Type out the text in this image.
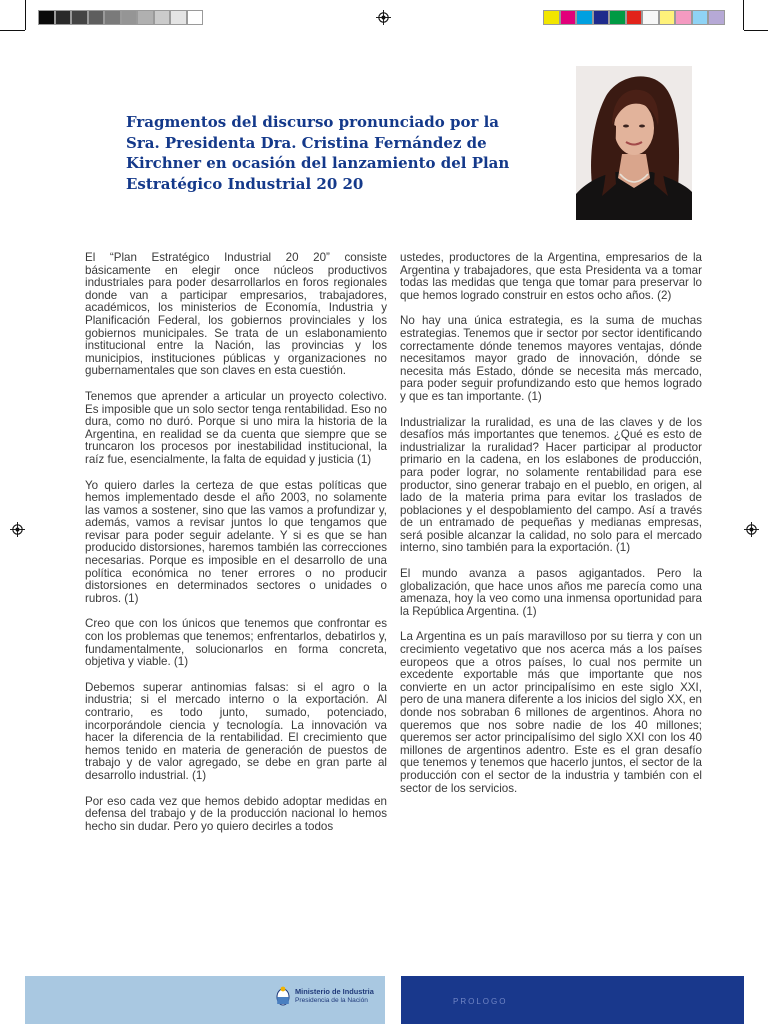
Fragmentos del discurso pronunciado por la Sra. Presidenta Dra. Cristina Fernández de Kirchner en ocasión del lanzamiento del Plan Estratégico Industrial 20 20

El “Plan Estratégico Industrial 20 20” consiste básicamente en elegir once núcleos productivos industriales para poder desarrollarlos en foros regionales donde van a participar empresarios, trabajadores, académicos, los ministerios de Economía, Industria y Planificación Federal, los gobiernos provinciales y los gobiernos municipales. Se trata de un eslabonamiento institucional entre la Nación, las provincias y los municipios, instituciones públicas y organizaciones no gubernamentales que son claves en esta cuestión.

Tenemos que aprender a articular un proyecto colectivo. Es imposible que un solo sector tenga rentabilidad. Eso no dura, como no duró. Porque si uno mira la historia de la Argentina, en realidad se da cuenta que siempre que se truncaron los procesos por inestabilidad institucional, la raíz fue, esencialmente, la falta de equidad y justicia (1)

Yo quiero darles la certeza de que estas políticas que hemos implementado desde el año 2003, no solamente las vamos a sostener, sino que las vamos a profundizar y, además, vamos a revisar juntos lo que tengamos que revisar para poder seguir adelante. Y si es que se han producido distorsiones, haremos también las correcciones necesarias. Porque es imposible en el desarrollo de una política económica no tener errores o no producir distorsiones en determinados sectores o unidades o rubros. (1)

Creo que con los únicos que tenemos que confrontar es con los problemas que tenemos; enfrentarlos, debatirlos y, fundamentalmente, solucionarlos en forma concreta, objetiva y viable. (1)

Debemos superar antinomias falsas: si el agro o la industria; si el mercado interno o la exportación. Al contrario, es todo junto, sumado, potenciado, incorporándole ciencia y tecnología. La innovación va hacer la diferencia de la rentabilidad. El crecimiento que hemos tenido en materia de generación de puestos de trabajo y de valor agregado, se debe en gran parte al desarrollo industrial. (1)

Por eso cada vez que hemos debido adoptar medidas en defensa del trabajo y de la producción nacional lo hemos hecho sin dudar. Pero yo quiero decirles a todos

ustedes, productores de la Argentina, empresarios de la Argentina y trabajadores, que esta Presidenta va a tomar todas las medidas que tenga que tomar para preservar lo que hemos logrado construir en estos ocho años. (2)

No hay una única estrategia, es la suma de muchas estrategias. Tenemos que ir sector por sector identificando correctamente dónde tenemos mayores ventajas, dónde necesitamos mayor grado de innovación, dónde se necesita más Estado, dónde se necesita más mercado, para poder seguir profundizando esto que hemos logrado y que es tan importante. (1)

Industrializar la ruralidad, es una de las claves y de los desafíos más importantes que tenemos. ¿Qué es esto de industrializar la ruralidad? Hacer participar al productor primario en la cadena, en los eslabones de producción, para poder lograr, no solamente rentabilidad para ese productor, sino generar trabajo en el pueblo, en origen, al lado de la materia prima para evitar los traslados de poblaciones y el despoblamiento del campo. Así a través de un entramado de pequeñas y medianas empresas, será posible alcanzar la calidad, no solo para el mercado interno, sino también para la exportación. (1)

El mundo avanza a pasos agigantados. Pero la globalización, que hace unos años me parecía como una amenaza, hoy la veo como una inmensa oportunidad para la República Argentina. (1)

La Argentina es un país maravilloso por su tierra y con un crecimiento vegetativo que nos acerca más a los países europeos que a otros países, lo cual nos permite un excedente exportable más que importante que nos convierte en un actor principalísimo en este siglo XXI, pero de una manera diferente a los inicios del siglo XX, en donde nos sobraban 6 millones de argentinos. Ahora no queremos que nos sobre nadie de los 40 millones; queremos ser actor principalísimo del siglo XXI con los 40 millones de argentinos adentro. Este es el gran desafío que tenemos y tenemos que hacerlo juntos, el sector de la producción con el sector de la industria y también con el sector de los servicios.

Ministerio de Industria
Presidencia de la Nación	PROLOGO
